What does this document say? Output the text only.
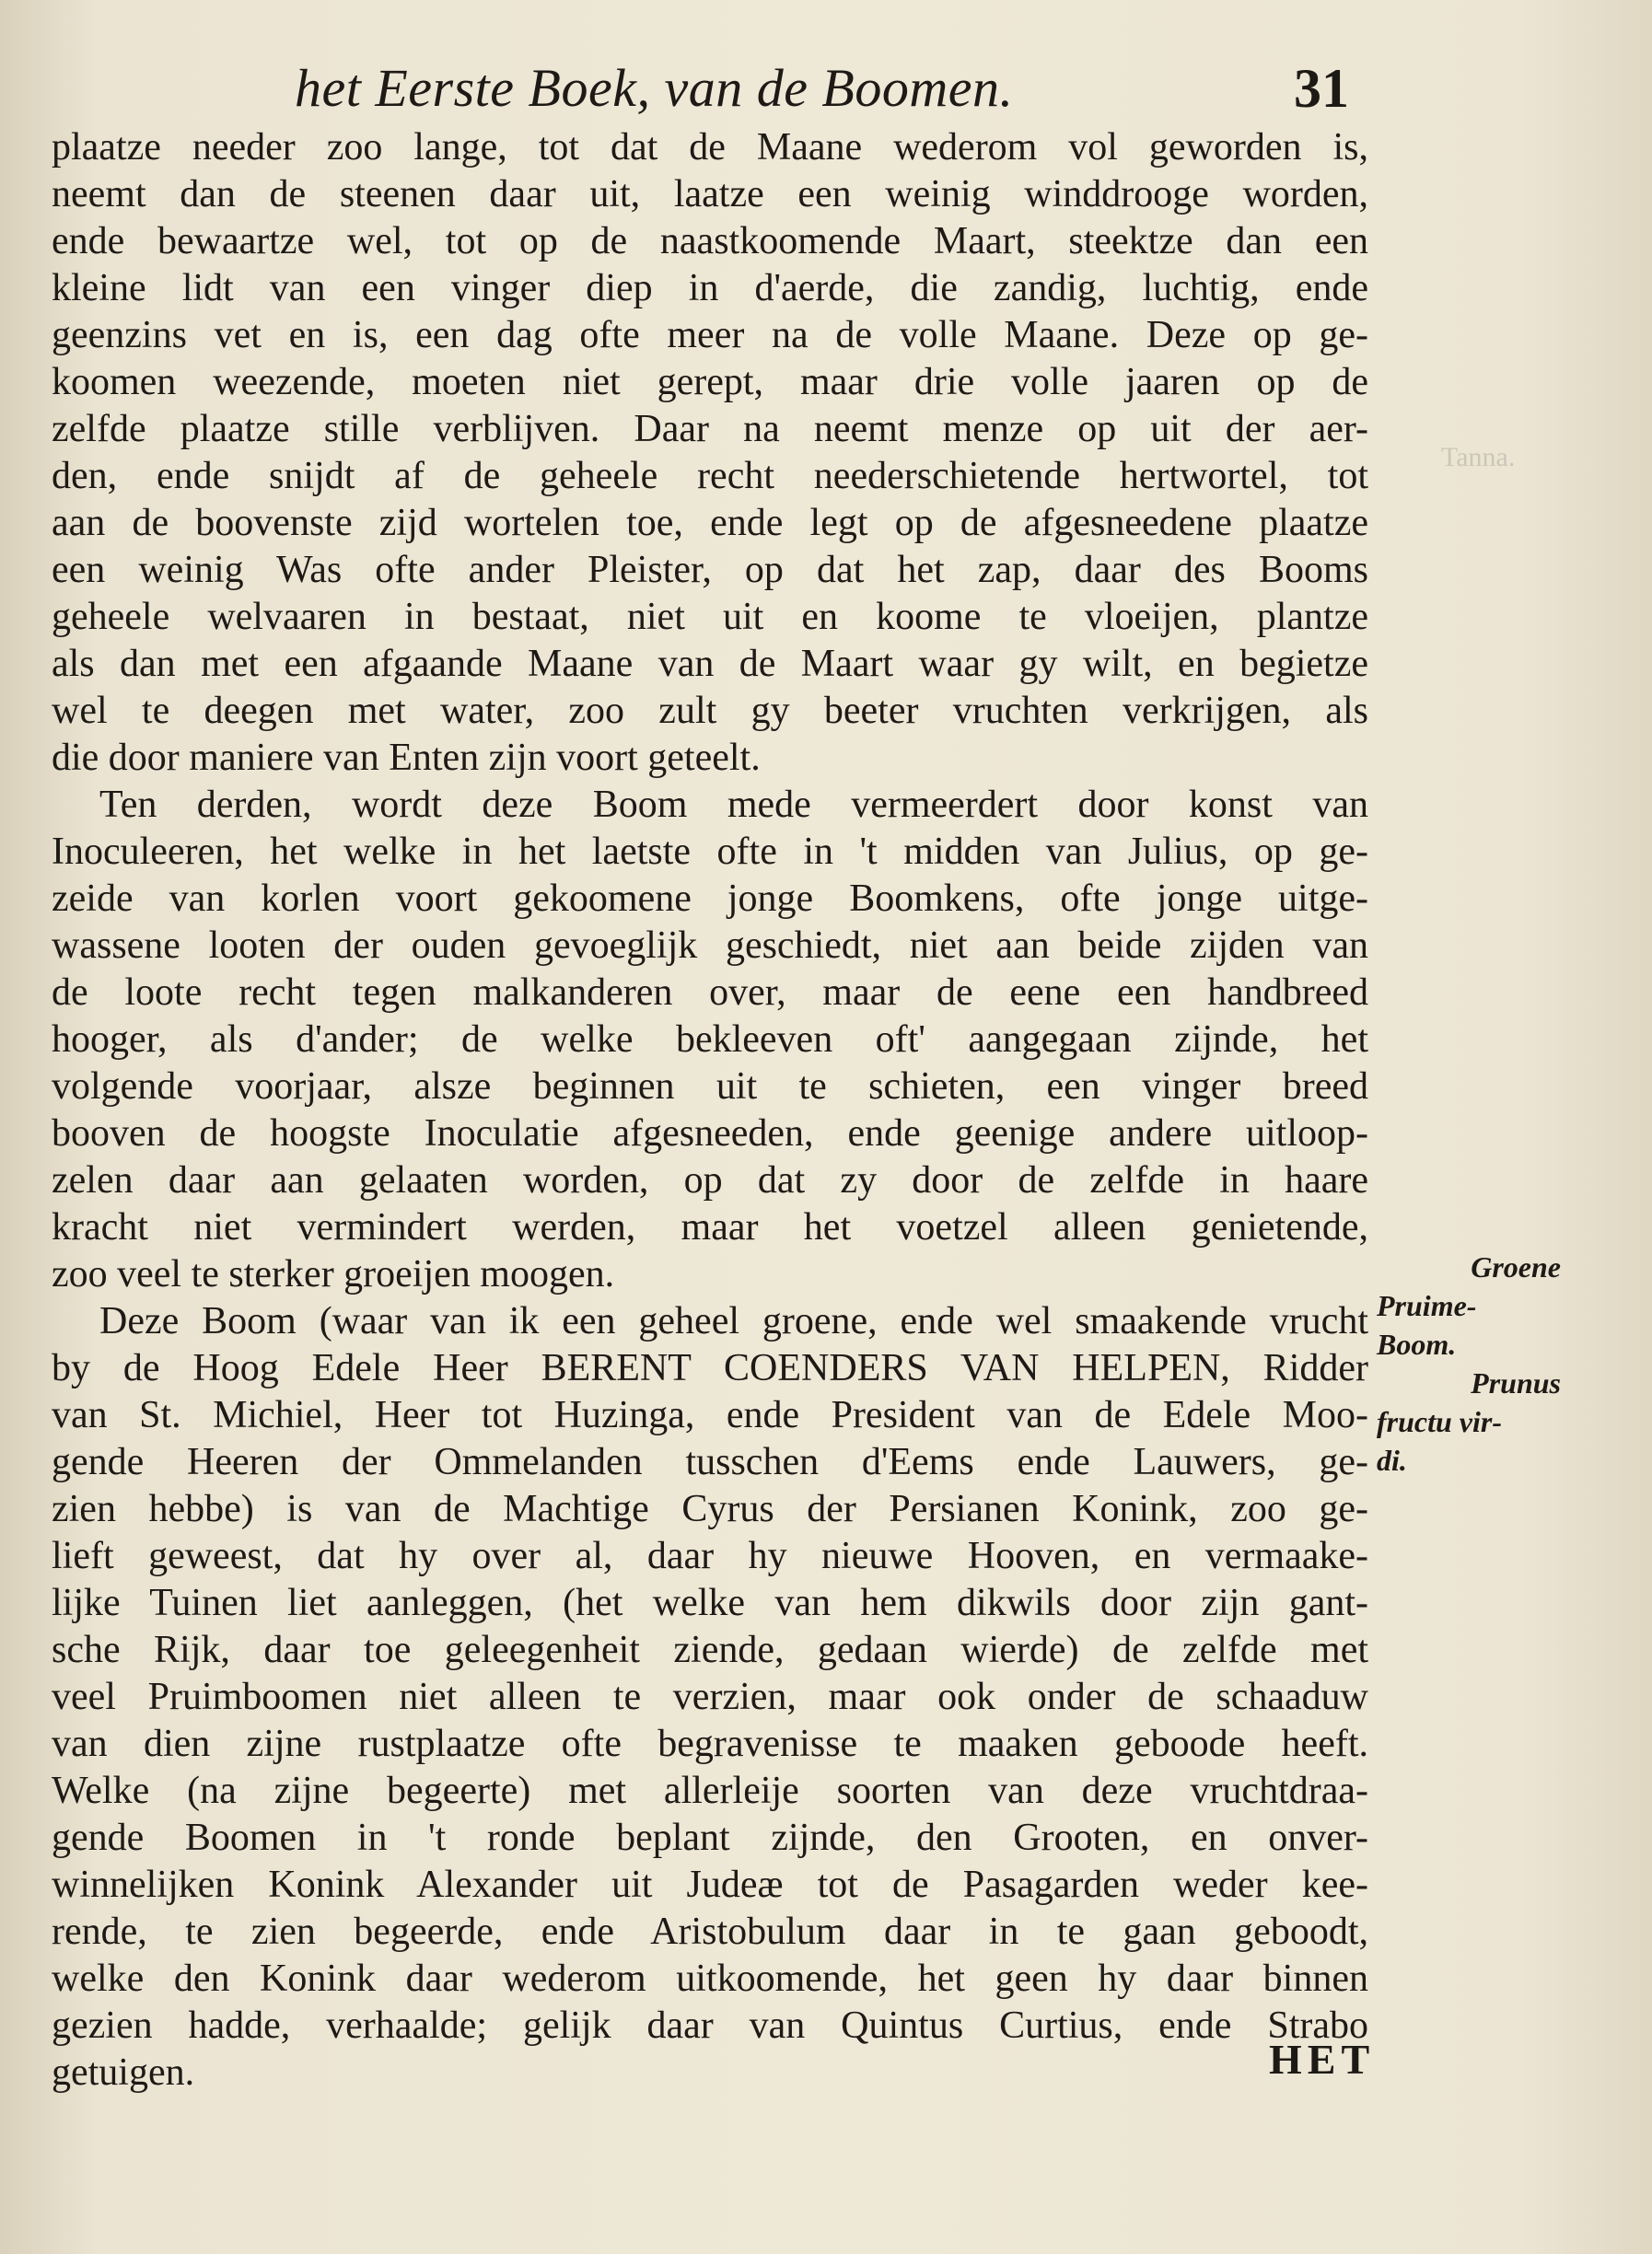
het Eerste Boek, van de Boomen.	31
Tanna.
plaatze needer zoo lange, tot dat de Maane wederom vol geworden is,
neemt dan de steenen daar uit, laatze een weinig winddrooge worden,
ende bewaartze wel, tot op de naastkoomende Maart, steektze dan een
kleine lidt van een vinger diep in d'aerde, die zandig, luchtig, ende
geenzins vet en is, een dag ofte meer na de volle Maane. Deze op ge-
koomen weezende, moeten niet gerept, maar drie volle jaaren op de
zelfde plaatze stille verblijven. Daar na neemt menze op uit der aer-
den, ende snijdt af de geheele recht neederschietende hertwortel, tot
aan de boovenste zijd wortelen toe, ende legt op de afgesneedene plaatze
een weinig Was ofte ander Pleister, op dat het zap, daar des Booms
geheele welvaaren in bestaat, niet uit en koome te vloeijen, plantze
als dan met een afgaande Maane van de Maart waar gy wilt, en begietze
wel te deegen met water, zoo zult gy beeter vruchten verkrijgen, als
die door maniere van Enten zijn voort geteelt.
Ten derden, wordt deze Boom mede vermeerdert door konst van
Inoculeeren, het welke in het laetste ofte in 't midden van Julius, op ge-
zeide van korlen voort gekoomene jonge Boomkens, ofte jonge uitge-
wassene looten der ouden gevoeglijk geschiedt, niet aan beide zijden van
de loote recht tegen malkanderen over, maar de eene een handbreed
hooger, als d'ander; de welke bekleeven oft' aangegaan zijnde, het
volgende voorjaar, alsze beginnen uit te schieten, een vinger breed
booven de hoogste Inoculatie afgesneeden, ende geenige andere uitloop-
zelen daar aan gelaaten worden, op dat zy door de zelfde in haare
kracht niet vermindert werden, maar het voetzel alleen genietende,
zoo veel te sterker groeijen moogen.
Deze Boom (waar van ik een geheel groene, ende wel smaakende vrucht
by de Hoog Edele Heer BERENT COENDERS VAN HELPEN, Ridder
van St. Michiel, Heer tot Huzinga, ende President van de Edele Moo-
gende Heeren der Ommelanden tusschen d'Eems ende Lauwers, ge-
zien hebbe) is van de Machtige Cyrus der Persianen Konink, zoo ge-
lieft geweest, dat hy over al, daar hy nieuwe Hooven, en vermaake-
lijke Tuinen liet aanleggen, (het welke van hem dikwils door zijn gant-
sche Rijk, daar toe geleegenheit ziende, gedaan wierde) de zelfde met
veel Pruimboomen niet alleen te verzien, maar ook onder de schaaduw
van dien zijne rustplaatze ofte begravenisse te maaken geboode heeft.
Welke (na zijne begeerte) met allerleije soorten van deze vruchtdraa-
gende Boomen in 't ronde beplant zijnde, den Grooten, en onver-
winnelijken Konink Alexander uit Judeæ tot de Pasagarden weder kee-
rende, te zien begeerde, ende Aristobulum daar in te gaan geboodt,
welke den Konink daar wederom uitkoomende, het geen hy daar binnen
gezien hadde, verhaalde; gelijk daar van Quintus Curtius, ende Strabo
getuigen.
Groene
Pruime-
Boom.
Prunus
fructu vir-
di.
HET
